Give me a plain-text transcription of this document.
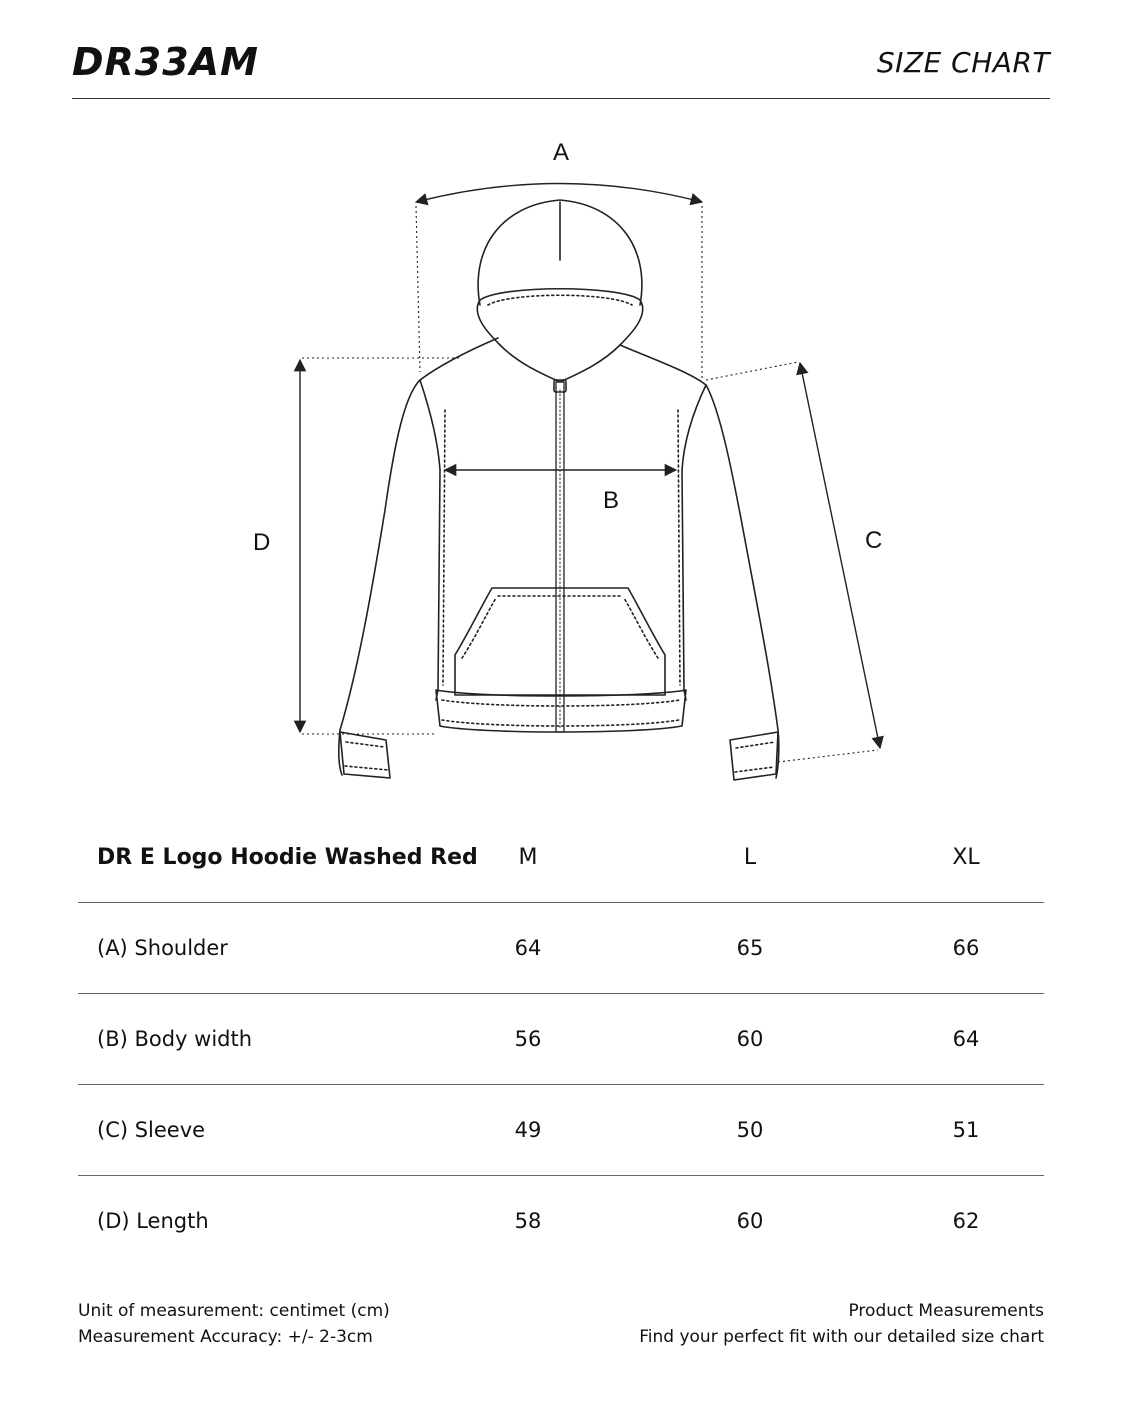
DR33AM	SIZE CHART
A
B
C
D
DR E Logo Hoodie Washed Red	M	L	XL
(A) Shoulder	64	65	66
(B) Body width	56	60	64
(C) Sleeve	49	50	51
(D) Length	58	60	62
Unit of measurement: centimet (cm)
Measurement Accuracy: +/- 2-3cm
Product Measurements
Find your perfect fit with our detailed size chart
